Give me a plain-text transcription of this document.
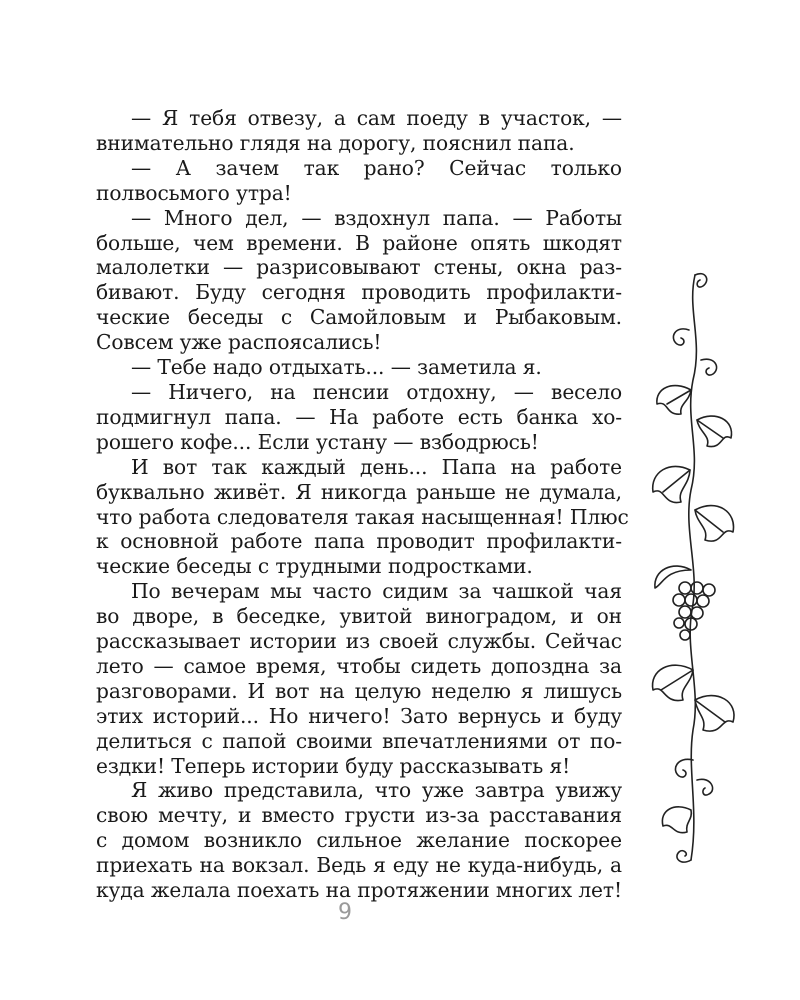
— Я тебя отвезу, а сам поеду в участок, —
внимательно глядя на дорогу, пояснил папа.
— А зачем так рано? Сейчас только
полвосьмого утра!
— Много дел, — вздохнул папа. — Работы
больше, чем времени. В районе опять шкодят
малолетки — разрисовывают стены, окна раз-
бивают. Буду сегодня проводить профилакти-
ческие беседы с Самойловым и Рыбаковым.
Совсем уже распоясались!
— Тебе надо отдыхать... — заметила я.
— Ничего, на пенсии отдохну, — весело
подмигнул папа. — На работе есть банка хо-
рошего кофе... Если устану — взбодрюсь!
И вот так каждый день... Папа на работе
буквально живёт. Я никогда раньше не думала,
что работа следователя такая насыщенная! Плюс
к основной работе папа проводит профилакти-
ческие беседы с трудными подростками.
По вечерам мы часто сидим за чашкой чая
во дворе, в беседке, увитой виноградом, и он
рассказывает истории из своей службы. Сейчас
лето — самое время, чтобы сидеть допоздна за
разговорами. И вот на целую неделю я лишусь
этих историй... Но ничего! Зато вернусь и буду
делиться с папой своими впечатлениями от по-
ездки! Теперь истории буду рассказывать я!
Я живо представила, что уже завтра увижу
свою мечту, и вместо грусти из-за расставания
с домом возникло сильное желание поскорее
приехать на вокзал. Ведь я еду не куда-нибудь, а
куда желала поехать на протяжении многих лет!
9
